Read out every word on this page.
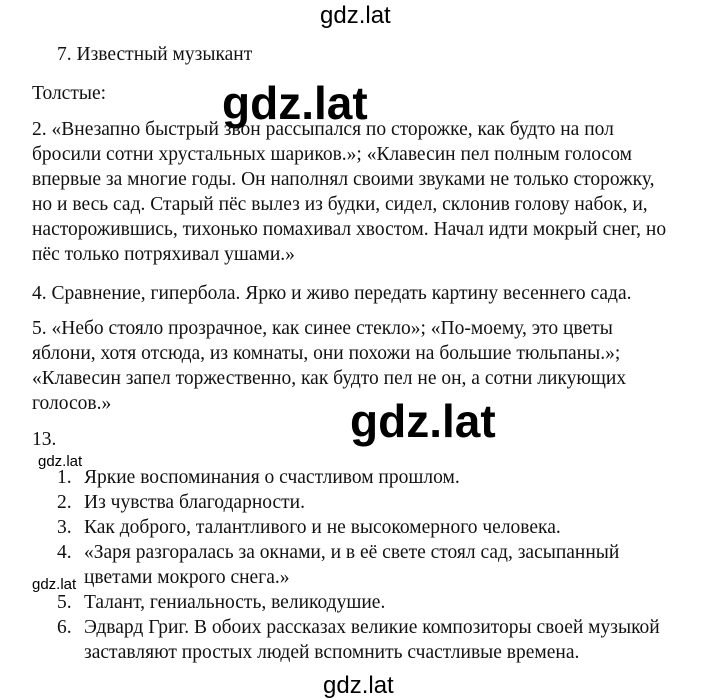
gdz.lat
gdz.lat
gdz.lat
gdz.lat
gdz.lat
gdz.lat
7. Известный музыкант
Толстые:
2. «Внезапно быстрый звон рассыпался по сторожке, как будто на пол
бросили сотни хрустальных шариков.»; «Клавесин пел полным голосом
впервые за многие годы. Он наполнял своими звуками не только сторожку,
но и весь сад. Старый пёс вылез из будки, сидел, склонив голову набок, и,
насторожившись, тихонько помахивал хвостом. Начал идти мокрый снег, но
пёс только потряхивал ушами.»
4. Сравнение, гипербола. Ярко и живо передать картину весеннего сада.
5. «Небо стояло прозрачное, как синее стекло»; «По-моему, это цветы
яблони, хотя отсюда, из комнаты, они похожи на большие тюльпаны.»;
«Клавесин запел торжественно, как будто пел не он, а сотни ликующих
голосов.»
13.
1. Яркие воспоминания о счастливом прошлом.
2. Из чувства благодарности.
3. Как доброго, талантливого и не высокомерного человека.
4. «Заря разгоралась за окнами, и в её свете стоял сад, засыпанный
цветами мокрого снега.»
5. Талант, гениальность, великодушие.
6. Эдвард Григ. В обоих рассказах великие композиторы своей музыкой
заставляют простых людей вспомнить счастливые времена.
